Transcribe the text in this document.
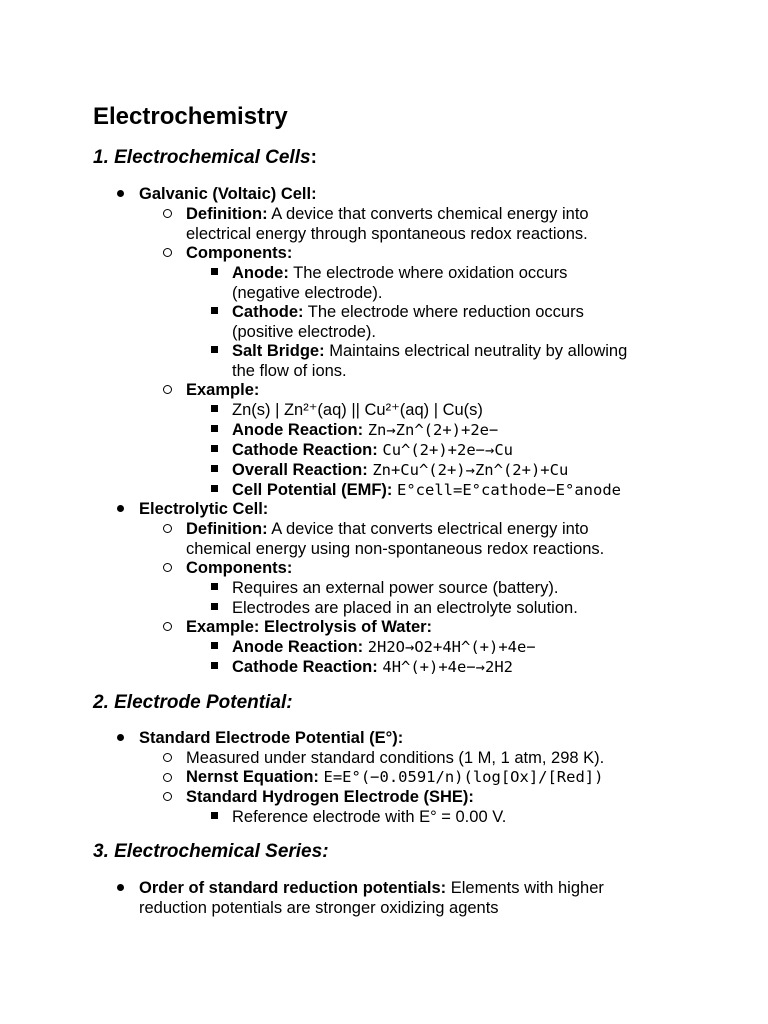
Electrochemistry
1. Electrochemical Cells:
Galvanic (Voltaic) Cell:
Definition: A device that converts chemical energy into
electrical energy through spontaneous redox reactions.
Components:
Anode: The electrode where oxidation occurs
(negative electrode).
Cathode: The electrode where reduction occurs
(positive electrode).
Salt Bridge: Maintains electrical neutrality by allowing
the flow of ions.
Example:
Zn(s) | Zn²⁺(aq) || Cu²⁺(aq) | Cu(s)
Anode Reaction: Zn→Zn^(2+)+2e−
Cathode Reaction: Cu^(2+)+2e−→Cu
Overall Reaction: Zn+Cu^(2+)→Zn^(2+)+Cu
Cell Potential (EMF): E°cell=E°cathode−E°anode
Electrolytic Cell:
Definition: A device that converts electrical energy into
chemical energy using non-spontaneous redox reactions.
Components:
Requires an external power source (battery).
Electrodes are placed in an electrolyte solution.
Example: Electrolysis of Water:
Anode Reaction: 2H2O→O2+4H^(+)+4e−
Cathode Reaction: 4H^(+)+4e−→2H2
2. Electrode Potential:
Standard Electrode Potential (E°):
Measured under standard conditions (1 M, 1 atm, 298 K).
Nernst Equation: E=E°(−0.0591/n)(log[Ox]/[Red])
Standard Hydrogen Electrode (SHE):
Reference electrode with E° = 0.00 V.
3. Electrochemical Series:
Order of standard reduction potentials: Elements with higher
reduction potentials are stronger oxidizing agents
